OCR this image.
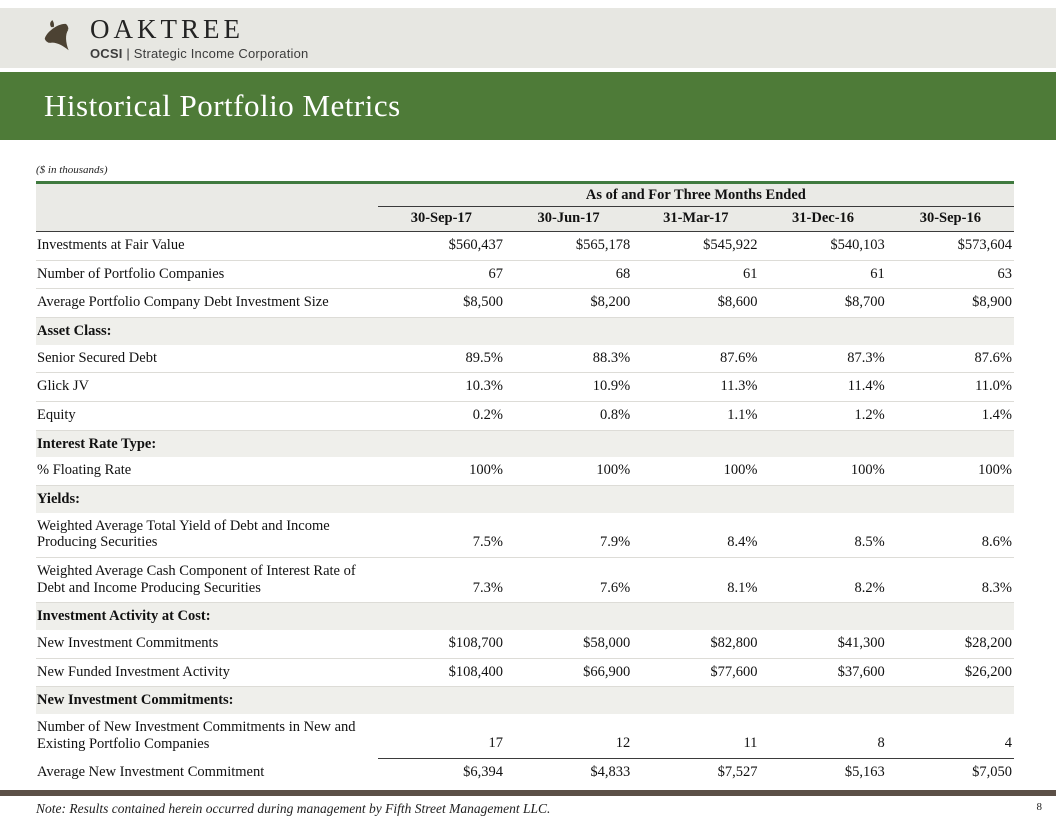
OAKTREE
OCSI | Strategic Income Corporation
Historical Portfolio Metrics
($ in thousands)
	As of and For Three Months Ended				
	30-Sep-17	30-Jun-17	31-Mar-17	31-Dec-16	30-Sep-16
Investments at Fair Value	$560,437	$565,178	$545,922	$540,103	$573,604
Number of Portfolio Companies	67	68	61	61	63
Average Portfolio Company Debt Investment Size	$8,500	$8,200	$8,600	$8,700	$8,900
Asset Class:					
Senior Secured Debt	89.5%	88.3%	87.6%	87.3%	87.6%
Glick JV	10.3%	10.9%	11.3%	11.4%	11.0%
Equity	0.2%	0.8%	1.1%	1.2%	1.4%
Interest Rate Type:					
% Floating Rate	100%	100%	100%	100%	100%
Yields:					
Weighted Average Total Yield of Debt and Income Producing Securities	7.5%	7.9%	8.4%	8.5%	8.6%
Weighted Average Cash Component of Interest Rate of Debt and Income Producing Securities	7.3%	7.6%	8.1%	8.2%	8.3%
Investment Activity at Cost:					
New Investment Commitments	$108,700	$58,000	$82,800	$41,300	$28,200
New Funded Investment Activity	$108,400	$66,900	$77,600	$37,600	$26,200
New Investment Commitments:					
Number of New Investment Commitments in New and Existing Portfolio Companies	17	12	11	8	4
Average New Investment Commitment	$6,394	$4,833	$7,527	$5,163	$7,050
Note: Results contained herein occurred during management by Fifth Street Management LLC.	8
